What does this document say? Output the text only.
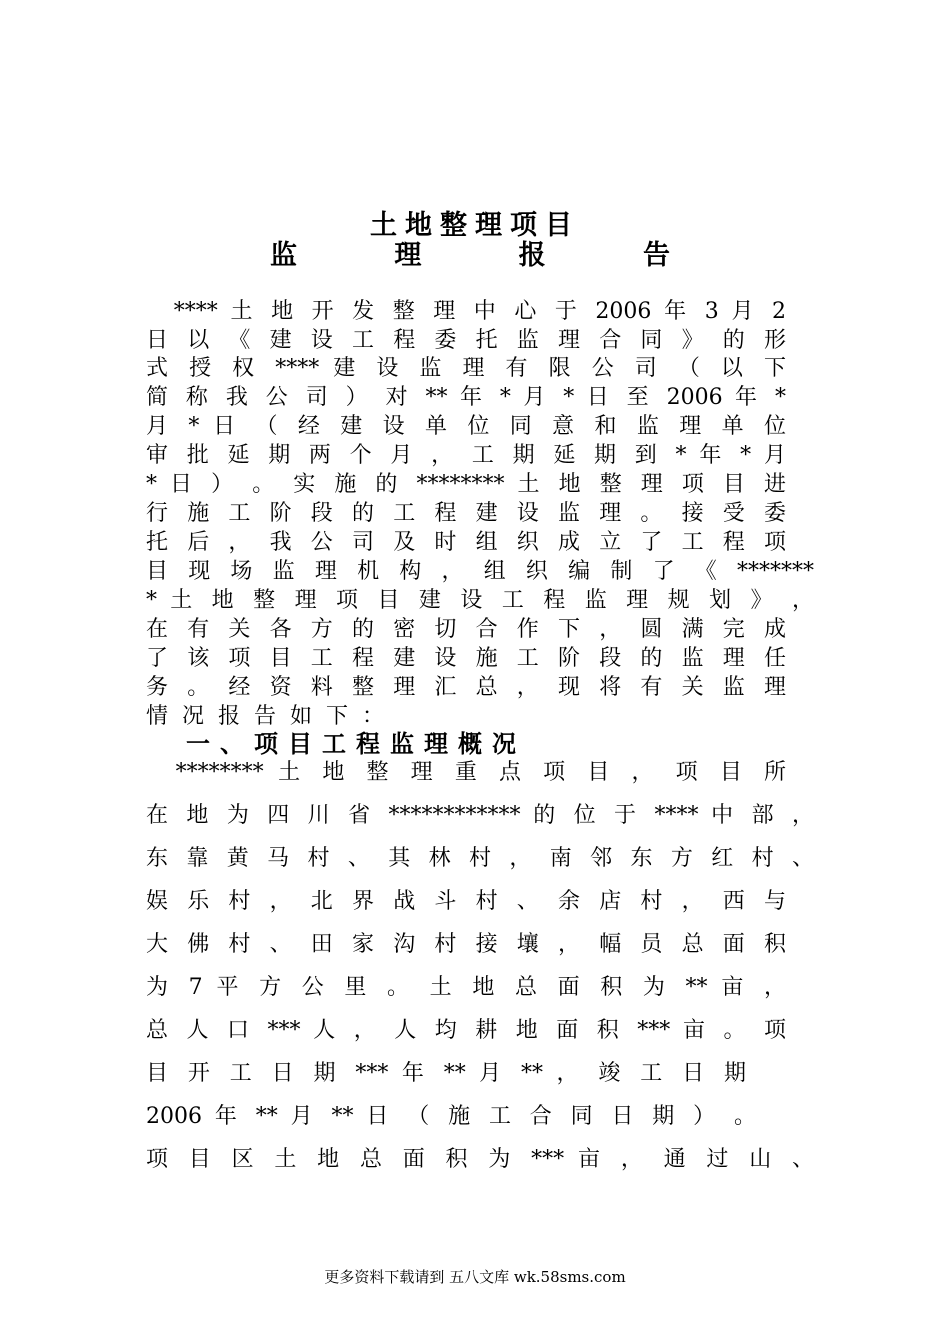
土地整理项目
监	理	报	告
　**** 土 地 开 发 整 理 中 心 于 2006 年 3 月 2
日 以 《 建 设 工 程 委 托 监 理 合 同 》 的 形
式 授 权 **** 建 设 监 理 有 限 公 司 （ 以 下
简 称 我 公 司 ） 对 ** 年 * 月 * 日 至 2006 年 *
月 * 日 （ 经 建 设 单 位 同 意 和 监 理 单 位
审 批 延 期 两 个 月 ， 工 期 延 期 到 * 年 * 月
* 日 ） 。 实 施 的 ******** 土 地 整 理 项 目 进
行 施 工 阶 段 的 工 程 建 设 监 理 。 接 受 委
托 后 ， 我 公 司 及 时 组 织 成 立 了 工 程 项
目 现 场 监 理 机 构 ， 组 织 编 制 了 《 *******
* 土 地 整 理 项 目 建 设 工 程 监 理 规 划 》 ，
在 有 关 各 方 的 密 切 合 作 下 ， 圆 满 完 成
了 该 项 目 工 程 建 设 施 工 阶 段 的 监 理 任
务 。 经 资 料 整 理 汇 总 ， 现 将 有 关 监 理
情况报告如下：
一、项目工程监理概况
　******** 土 地 整 理 重 点 项 目 ， 项 目 所
在 地 为 四 川 省 ************ 的 位 于 **** 中 部 ，
东 靠 黄 马 村 、 其 林 村 ， 南 邻 东 方 红 村 、
娱 乐 村 ， 北 界 战 斗 村 、 余 店 村 ， 西 与
大 佛 村 、 田 家 沟 村 接 壤 ， 幅 员 总 面 积
为 7 平 方 公 里 。 土 地 总 面 积 为 ** 亩 ，
总 人 口 *** 人 ， 人 均 耕 地 面 积 *** 亩 。 项
目 开 工 日 期 *** 年 ** 月 ** ， 竣 工 日 期
2006 年 ** 月 ** 日 （ 施 工 合 同 日 期 ） 。
项 目 区 土 地 总 面 积 为 *** 亩 ， 通 过 山 、
更多资料下载请到 五八文库 wk.58sms.com
